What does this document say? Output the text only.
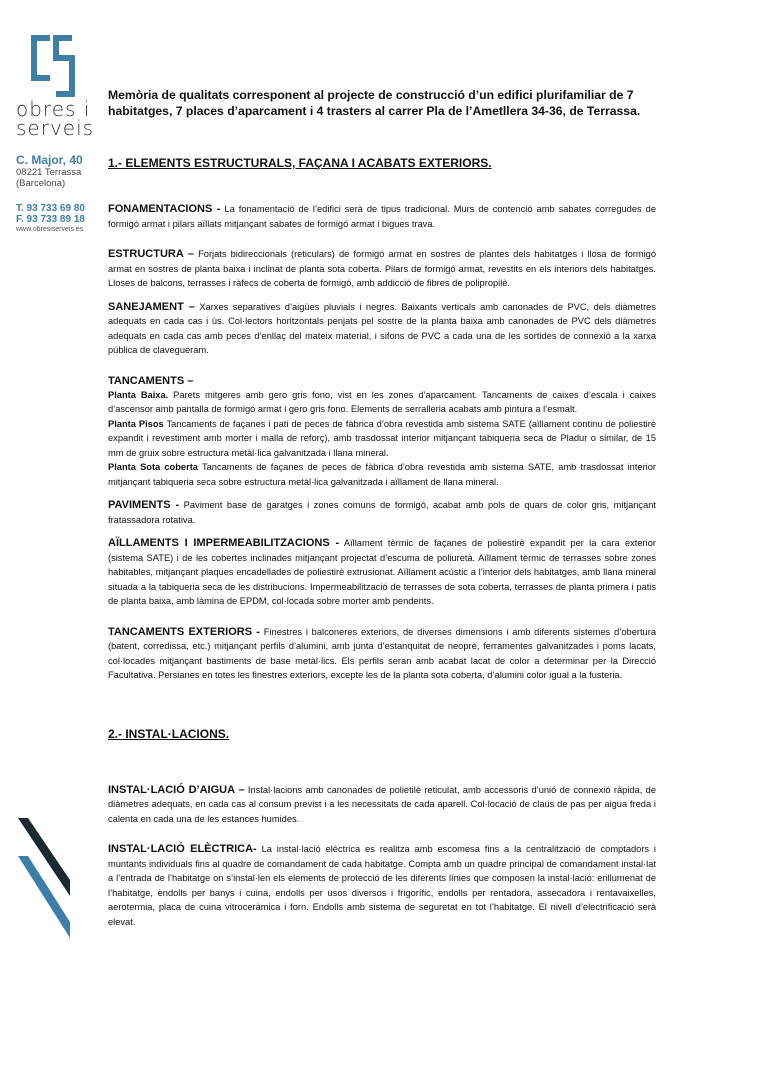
obres i
serveis
C. Major, 40
08221 Terrassa
(Barcelona)
T. 93 733 69 80
F. 93 733 89 18
www.obresiserveis.es
Memòria de qualitats corresponent al projecte de construcció d’un edifici plurifamiliar de 7 habitatges, 7 places d’aparcament i 4 trasters al carrer Pla de l’Ametllera 34-36, de Terrassa.
1.- ELEMENTS ESTRUCTURALS, FAÇANA I ACABATS EXTERIORS.

FONAMENTACIONS - La fonamentació de l’edifici serà de tipus tradicional. Murs de contenció amb sabates corregudes de formigó armat i pilars aïllats mitjançant sabates de formigó armat i bigues trava.

ESTRUCTURA – Forjats bidireccionals (reticulars) de formigó armat en sostres de plantes dels habitatges i llosa de formigó armat en sostres de planta baixa i inclinat de planta sota coberta. Pilars de formigó armat, revestits en els interiors dels habitatges. Lloses de balcons, terrasses i ràfecs de coberta de formigó, amb addicció de fibres de polipropilè.

SANEJAMENT – Xarxes separatives d’aigües pluvials i negres. Baixants verticals amb canonades de PVC, dels diàmetres adequats en cada cas i ús. Col·lectors horitzontals penjats pel sostre de la planta baixa amb canonades de PVC dels diàmetres adequats en cada cas amb peces d’enllaç del mateix material, i sifons de PVC a cada una de les sortides de connexió a la xarxa pública de clavegueram.

TANCAMENTS –

Planta Baixa. Parets mitgeres amb gero gris fono, vist en les zones d’aparcament. Tancaments de caixes d’escala i caixes d’ascensor amb pantalla de formigó armat i gero gris fono. Elements de serralleria acabats amb pintura a l’esmalt.

Planta Pisos Tancaments de façanes i pati de peces de fàbrica d’obra revestida amb sistema SATE (aïllament continu de poliestirè expandit i revestiment amb morter i malla de reforç), amb trasdossat interior mitjançant tabiqueria seca de Pladur o similar, de 15 mm de gruix sobre estructura metàl·lica galvanitzada i llana mineral.

Planta Sota coberta Tancaments de façanes de peces de fàbrica d’obra revestida amb sistema SATE, amb trasdossat interior mitjançant tabiqueria seca sobre estructura metàl·lica galvanitzada i aïllament de llana mineral.

PAVIMENTS - Paviment base de garatges i zones comuns de formigó, acabat amb pols de quars de color gris, mitjançant fratassadora rotativa.

AÏLLAMENTS I IMPERMEABILITZACIONS - Aïllament tèrmic de façanes de poliestirè expandit per la cara exterior (sistema SATE) i de les cobertes inclinades mitjançant projectat d’escuma de poliuretà. Aïllament tèrmic de terrasses sobre zones habitables, mitjançant plaques encadellades de poliestirè extrusionat. Aïllament acústic a l’interior dels habitatges, amb llana mineral situada a la tabiqueria seca de les distribucions. Impermeabilització de terrasses de sota coberta, terrasses de planta primera i patis de planta baixa, amb làmina de EPDM, col·locada sobre morter amb pendents.

TANCAMENTS EXTERIORS - Finestres i balconeres exteriors, de diverses dimensions i amb diferents sistemes d’obertura (batent, corredissa, etc.) mitjançant perfils d’alumini, amb junta d’estanquitat de neoprè, ferramentes galvanitzades i poms lacats, col·locades mitjançant bastiments de base metàl·lics. Els perfils seran amb acabat lacat de color a determinar per la Direcció Facultativa. Persianes en totes les finestres exteriors, excepte les de la planta sota coberta, d’alumini color igual a la fusteria.

2.- INSTAL·LACIONS.

INSTAL·LACIÓ D’AIGUA – Instal·lacions amb canonades de polietilè reticulat, amb accessoris d’unió de connexió ràpida, de diàmetres adequats, en cada cas al consum previst i a les necessitats de cada aparell. Col·locació de claus de pas per aigua freda i calenta en cada una de les estances humides.

INSTAL·LACIÓ ELÈCTRICA- La instal·lació elèctrica es realitza amb escomesa fins a la centralització de comptadors i muntants individuals fins al quadre de comandament de cada habitatge. Compta amb un quadre principal de comandament instal·lat a l’entrada de l’habitatge on s’instal·len els elements de protecció de les diferents línies que composen la instal·lació: enllumenat de l’habitatge, endolls per banys i cuina, endolls per usos diversos i frigorífic, endolls per rentadora, assecadora i rentavaixelles, aerotermia, placa de cuina vitroceràmica i forn. Endolls amb sistema de seguretat en tot l’habitatge. El nivell d’electrificació serà elevat.
